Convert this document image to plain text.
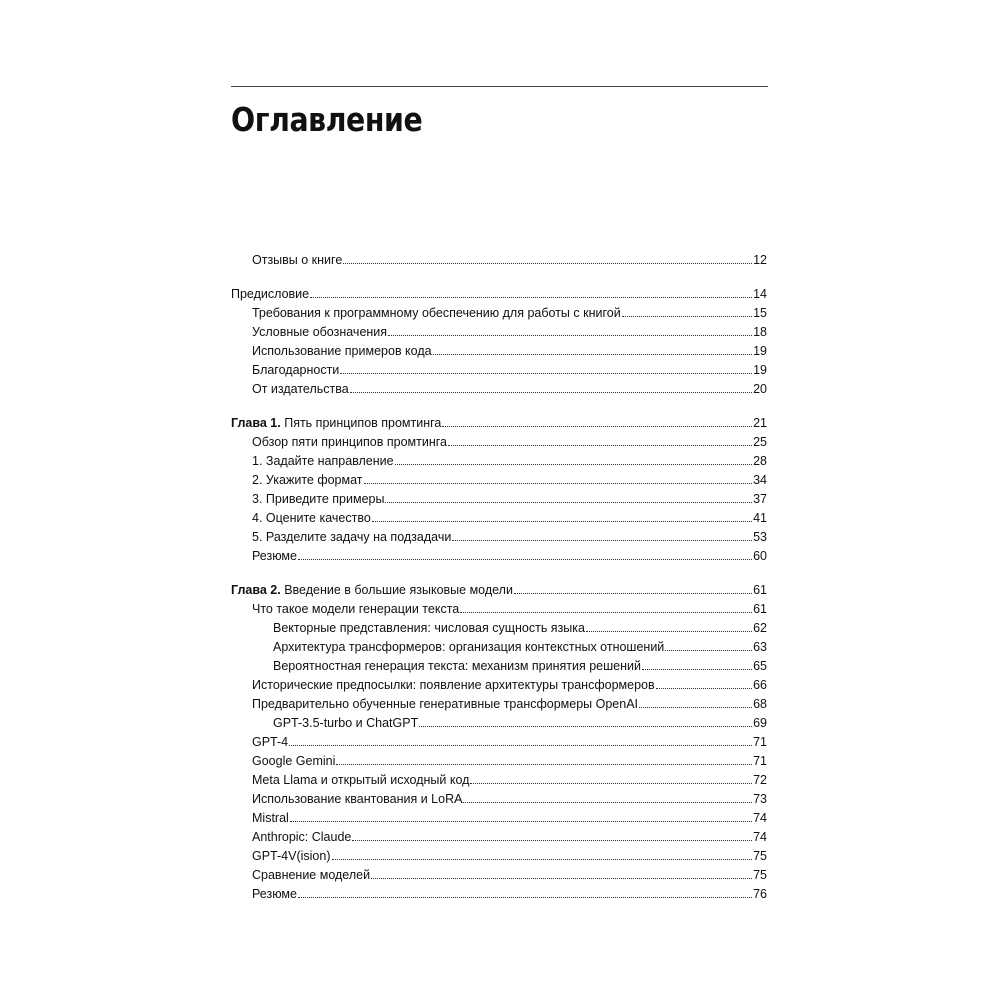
Оглавление
Отзывы о книге	12
Предисловие	14
Требования к программному обеспечению для работы с книгой	15
Условные обозначения	18
Использование примеров кода	19
Благодарности	19
От издательства	20
Глава 1. Пять принципов промтинга	21
Обзор пяти принципов промтинга	25
1. Задайте направление	28
2. Укажите формат	34
3. Приведите примеры	37
4. Оцените качество	41
5. Разделите задачу на подзадачи	53
Резюме	60
Глава 2. Введение в большие языковые модели	61
Что такое модели генерации текста	61
Векторные представления: числовая сущность языка	62
Архитектура трансформеров: организация контекстных отношений	63
Вероятностная генерация текста: механизм принятия решений	65
Исторические предпосылки: появление архитектуры трансформеров	66
Предварительно обученные генеративные трансформеры OpenAI	68
GPT-3.5-turbo и ChatGPT	69
GPT-4	71
Google Gemini	71
Meta Llama и открытый исходный код	72
Использование квантования и LoRA	73
Mistral	74
Anthropic: Claude	74
GPT-4V(ision)	75
Сравнение моделей	75
Резюме	76
